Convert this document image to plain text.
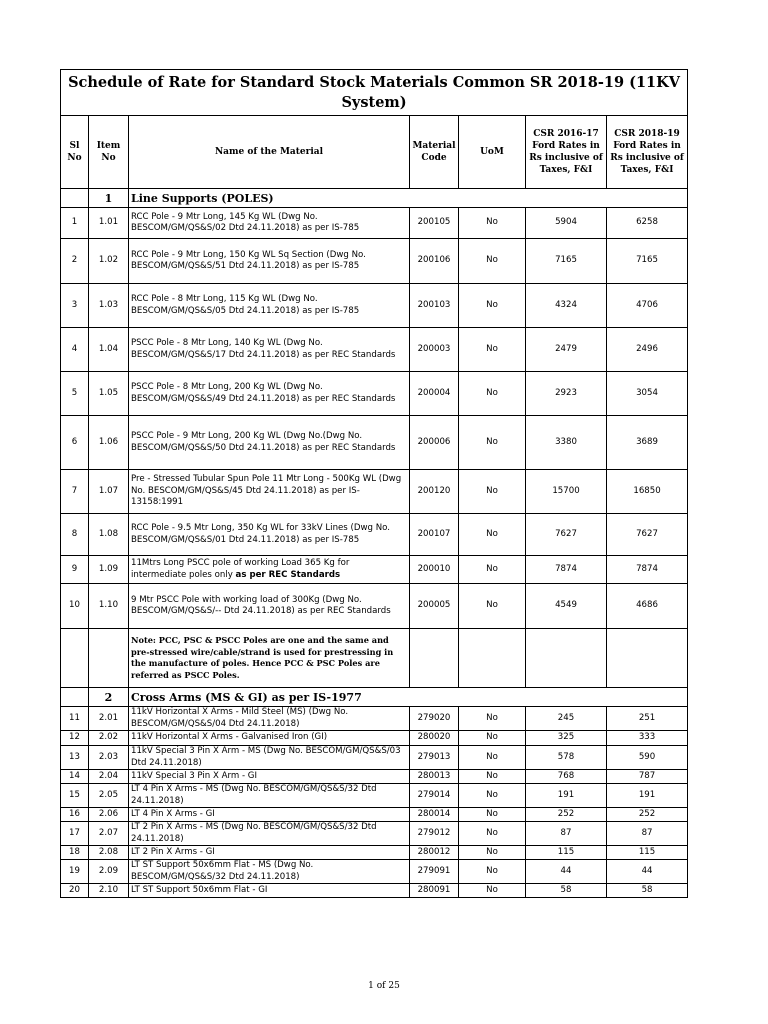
Schedule of Rate for Standard Stock Materials Common SR 2018-19 (11KV System)						
Sl No	Item No	Name of the Material	Material Code	UoM	CSR 2016-17 Ford Rates in Rs inclusive of Taxes, F&I	CSR 2018-19 Ford Rates in Rs inclusive of Taxes, F&I
	1	Line Supports (POLES)				
1	1.01	RCC Pole - 9 Mtr Long, 145 Kg WL (Dwg No. BESCOM/GM/QS&S/02 Dtd 24.11.2018) as per IS-785	200105	No	5904	6258
2	1.02	RCC Pole - 9 Mtr Long, 150 Kg WL Sq Section (Dwg No. BESCOM/GM/QS&S/51 Dtd 24.11.2018) as per IS-785	200106	No	7165	7165
3	1.03	RCC Pole - 8 Mtr Long, 115 Kg WL (Dwg No. BESCOM/GM/QS&S/05 Dtd 24.11.2018) as per IS-785	200103	No	4324	4706
4	1.04	PSCC Pole - 8 Mtr Long, 140 Kg WL (Dwg No. BESCOM/GM/QS&S/17 Dtd 24.11.2018) as per REC Standards	200003	No	2479	2496
5	1.05	PSCC Pole - 8 Mtr Long, 200 Kg WL (Dwg No. BESCOM/GM/QS&S/49 Dtd 24.11.2018) as per REC Standards	200004	No	2923	3054
6	1.06	PSCC Pole - 9 Mtr Long, 200 Kg WL (Dwg No.(Dwg No. BESCOM/GM/QS&S/50 Dtd 24.11.2018) as per REC Standards	200006	No	3380	3689
7	1.07	Pre - Stressed Tubular Spun Pole 11 Mtr Long - 500Kg WL (Dwg No. BESCOM/GM/QS&S/45 Dtd 24.11.2018) as per IS-13158:1991	200120	No	15700	16850
8	1.08	RCC Pole - 9.5 Mtr Long, 350 Kg WL for 33kV Lines (Dwg No. BESCOM/GM/QS&S/01 Dtd 24.11.2018) as per IS-785	200107	No	7627	7627
9	1.09	11Mtrs Long PSCC pole of working Load 365 Kg for intermediate poles only as per REC Standards	200010	No	7874	7874
10	1.10	9 Mtr PSCC Pole with working load of 300Kg (Dwg No. BESCOM/GM/QS&S/-- Dtd 24.11.2018) as per REC Standards	200005	No	4549	4686
		Note: PCC, PSC & PSCC Poles are one and the same and pre-stressed wire/cable/strand is used for prestressing in the manufacture of poles. Hence PCC & PSC Poles are referred as PSCC Poles.				
	2	Cross Arms (MS & GI) as per IS-1977				
11	2.01	11kV Horizontal X Arms - Mild Steel (MS) (Dwg No. BESCOM/GM/QS&S/04 Dtd 24.11.2018)	279020	No	245	251
12	2.02	11kV Horizontal X Arms - Galvanised Iron (GI)	280020	No	325	333
13	2.03	11kV Special 3 Pin X Arm - MS (Dwg No. BESCOM/GM/QS&S/03 Dtd 24.11.2018)	279013	No	578	590
14	2.04	11kV Special 3 Pin X Arm - GI	280013	No	768	787
15	2.05	LT 4 Pin X Arms - MS (Dwg No. BESCOM/GM/QS&S/32 Dtd 24.11.2018)	279014	No	191	191
16	2.06	LT 4 Pin X Arms - GI	280014	No	252	252
17	2.07	LT 2 Pin X Arms - MS (Dwg No. BESCOM/GM/QS&S/32 Dtd 24.11.2018)	279012	No	87	87
18	2.08	LT 2 Pin X Arms - GI	280012	No	115	115
19	2.09	LT ST Support 50x6mm Flat - MS (Dwg No. BESCOM/GM/QS&S/32 Dtd 24.11.2018)	279091	No	44	44
20	2.10	LT ST Support 50x6mm Flat - GI	280091	No	58	58
1 of 25
